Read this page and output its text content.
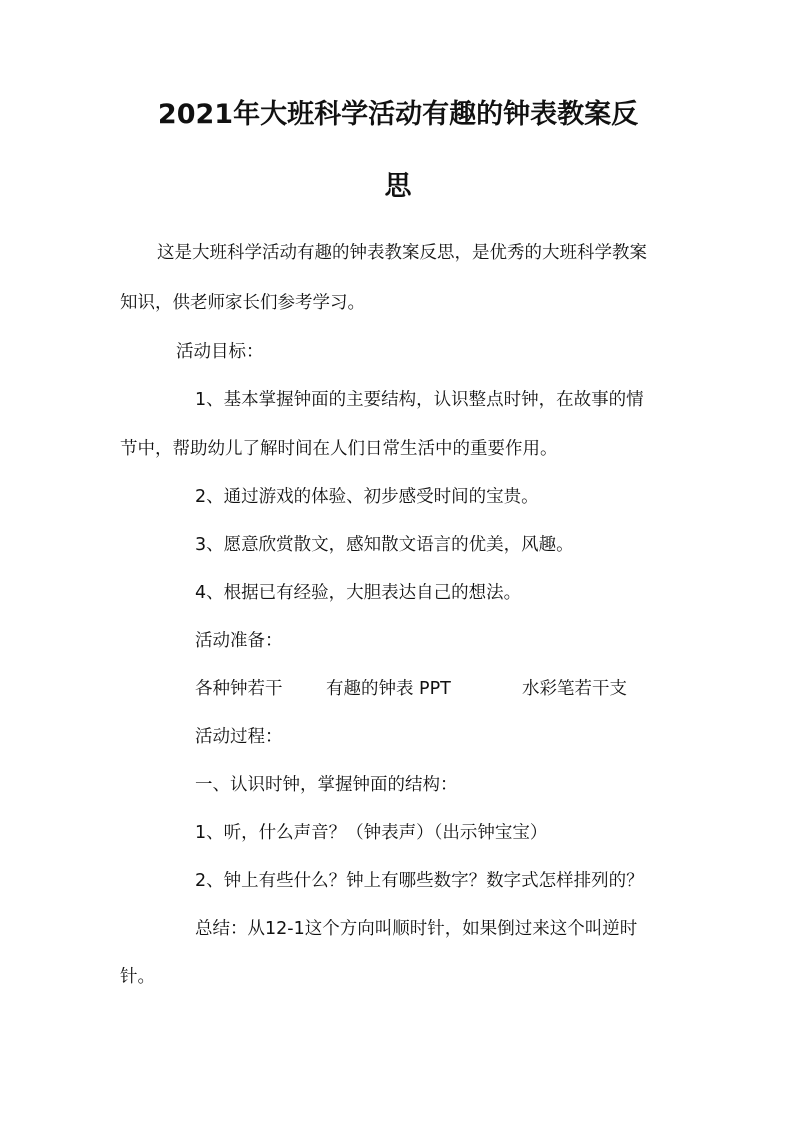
2021年大班科学活动有趣的钟表教案反
思
这是大班科学活动有趣的钟表教案反思，是优秀的大班科学教案
知识，供老师家长们参考学习。
活动目标：
1、基本掌握钟面的主要结构，认识整点时钟，在故事的情
节中，帮助幼儿了解时间在人们日常生活中的重要作用。
2、通过游戏的体验、初步感受时间的宝贵。
3、愿意欣赏散文，感知散文语言的优美，风趣。
4、根据已有经验，大胆表达自己的想法。
活动准备：
各种钟若干 有趣的钟表 PPT	水彩笔若干支
活动过程：
一、认识时钟，掌握钟面的结构：
1、听，什么声音？（钟表声）（出示钟宝宝）
2、钟上有些什么？钟上有哪些数字？数字式怎样排列的？
总结：从12-1这个方向叫顺时针，如果倒过来这个叫逆时
针。
